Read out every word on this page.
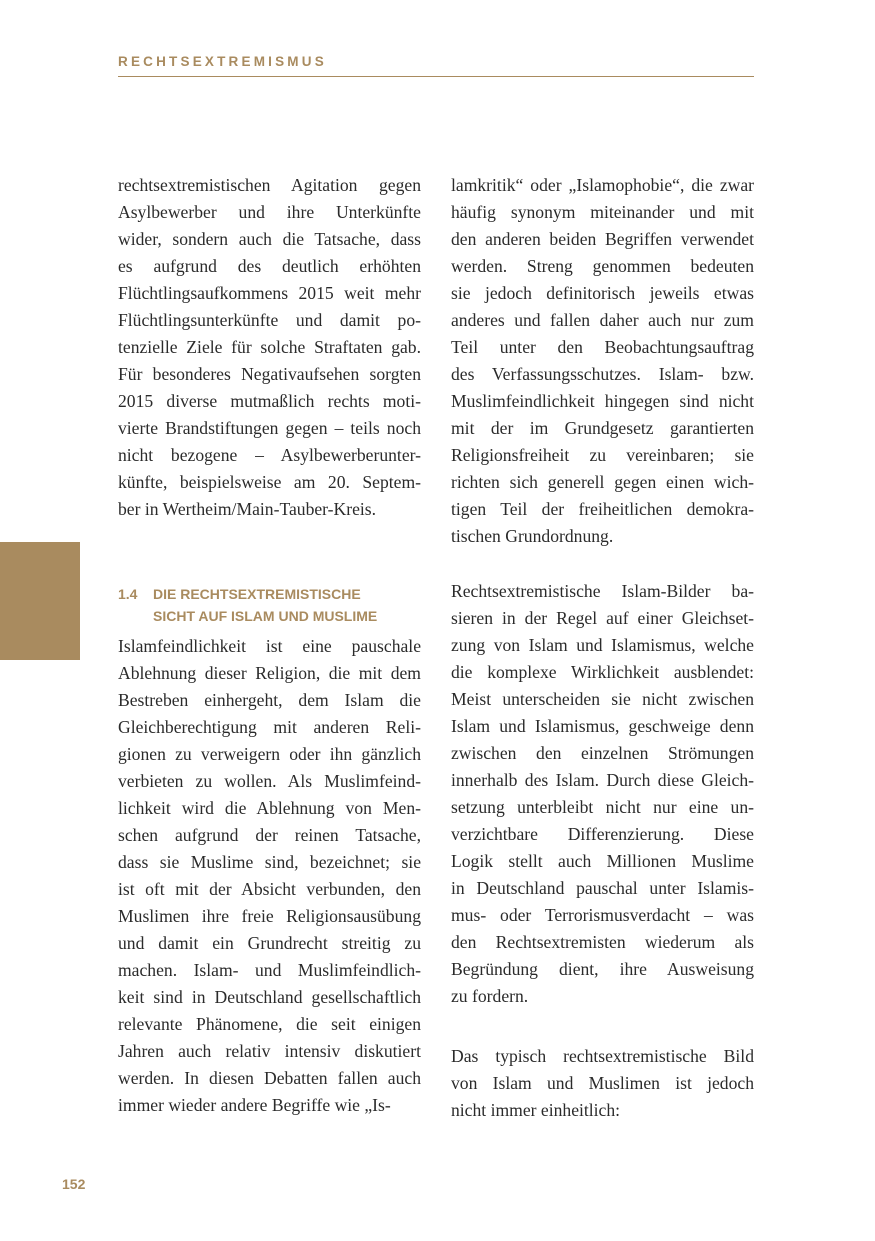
RECHTSEXTREMISMUS
rechtsextremistischen Agitation gegen
Asylbewerber und ihre Unterkünfte
wider, sondern auch die Tatsache, dass
es aufgrund des deutlich erhöhten
Flüchtlingsaufkommens 2015 weit mehr
Flüchtlingsunterkünfte und damit po-
tenzielle Ziele für solche Straftaten gab.
Für besonderes Negativaufsehen sorgten
2015 diverse mutmaßlich rechts moti-
vierte Brandstiftungen gegen – teils noch
nicht bezogene – Asylbewerberunter-
künfte, beispielsweise am 20. Septem-
ber in Wertheim/Main-Tauber-Kreis.
1.4 DIE RECHTSEXTREMISTISCHE
SICHT AUF ISLAM UND MUSLIME
Islamfeindlichkeit ist eine pauschale
Ablehnung dieser Religion, die mit dem
Bestreben einhergeht, dem Islam die
Gleichberechtigung mit anderen Reli-
gionen zu verweigern oder ihn gänzlich
verbieten zu wollen. Als Muslimfeind-
lichkeit wird die Ablehnung von Men-
schen aufgrund der reinen Tatsache,
dass sie Muslime sind, bezeichnet; sie
ist oft mit der Absicht verbunden, den
Muslimen ihre freie Religionsausübung
und damit ein Grundrecht streitig zu
machen. Islam- und Muslimfeindlich-
keit sind in Deutschland gesellschaftlich
relevante Phänomene, die seit einigen
Jahren auch relativ intensiv diskutiert
werden. In diesen Debatten fallen auch
immer wieder andere Begriffe wie „Is-
lamkritik“ oder „Islamophobie“, die zwar
häufig synonym miteinander und mit
den anderen beiden Begriffen verwendet
werden. Streng genommen bedeuten
sie jedoch definitorisch jeweils etwas
anderes und fallen daher auch nur zum
Teil unter den Beobachtungsauftrag
des Verfassungsschutzes. Islam- bzw.
Muslimfeindlichkeit hingegen sind nicht
mit der im Grundgesetz garantierten
Religionsfreiheit zu vereinbaren; sie
richten sich generell gegen einen wich-
tigen Teil der freiheitlichen demokra-
tischen Grundordnung.
Rechtsextremistische Islam-Bilder ba-
sieren in der Regel auf einer Gleichset-
zung von Islam und Islamismus, welche
die komplexe Wirklichkeit ausblendet:
Meist unterscheiden sie nicht zwischen
Islam und Islamismus, geschweige denn
zwischen den einzelnen Strömungen
innerhalb des Islam. Durch diese Gleich-
setzung unterbleibt nicht nur eine un-
verzichtbare Differenzierung. Diese
Logik stellt auch Millionen Muslime
in Deutschland pauschal unter Islamis-
mus- oder Terrorismusverdacht – was
den Rechtsextremisten wiederum als
Begründung dient, ihre Ausweisung
zu fordern.
Das typisch rechtsextremistische Bild
von Islam und Muslimen ist jedoch
nicht immer einheitlich:
152
